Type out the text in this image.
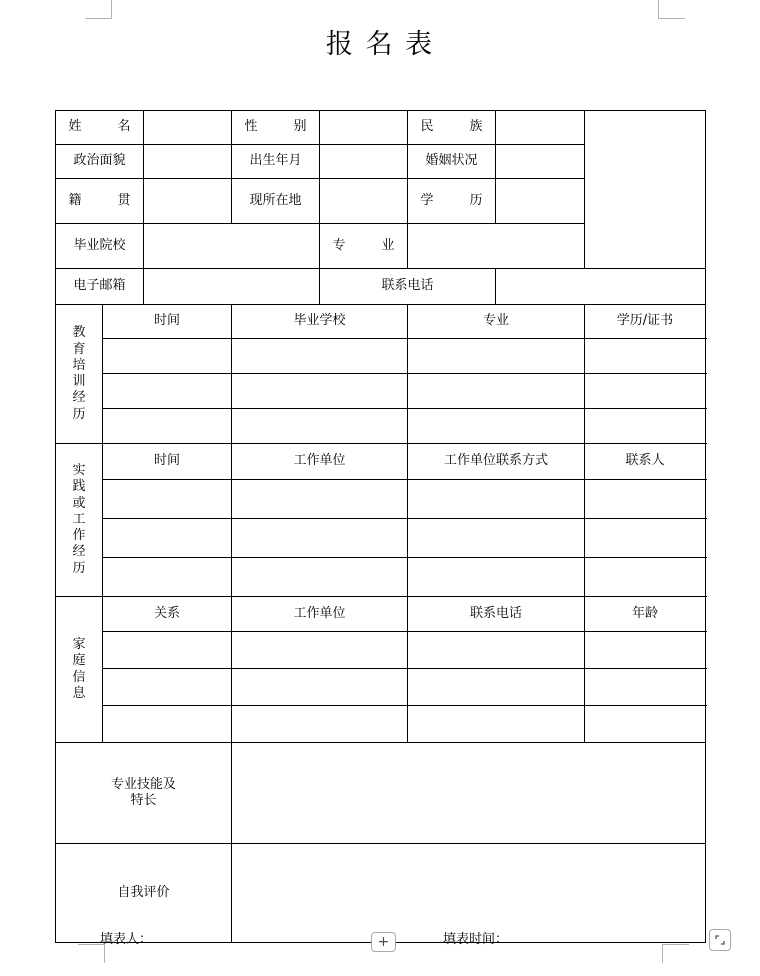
报 名 表
姓　　名			性　　别		民　　族		
政治面貌			出生年月		婚姻状况		
籍　　贯			现所在地		学　　历		
毕业院校				专　　业			
电子邮箱				联系电话			

教
育
培
训
经
历
	时间	毕业学校	专业	学历/证书

实
践
或
工
作
经
历
	时间	工作单位	工作单位联系方式	联系人

家
庭
信
息	关系		工作单位		联系电话		年龄

专业技能及
特长							

自我评价							
填表人：	填表时间：
+
